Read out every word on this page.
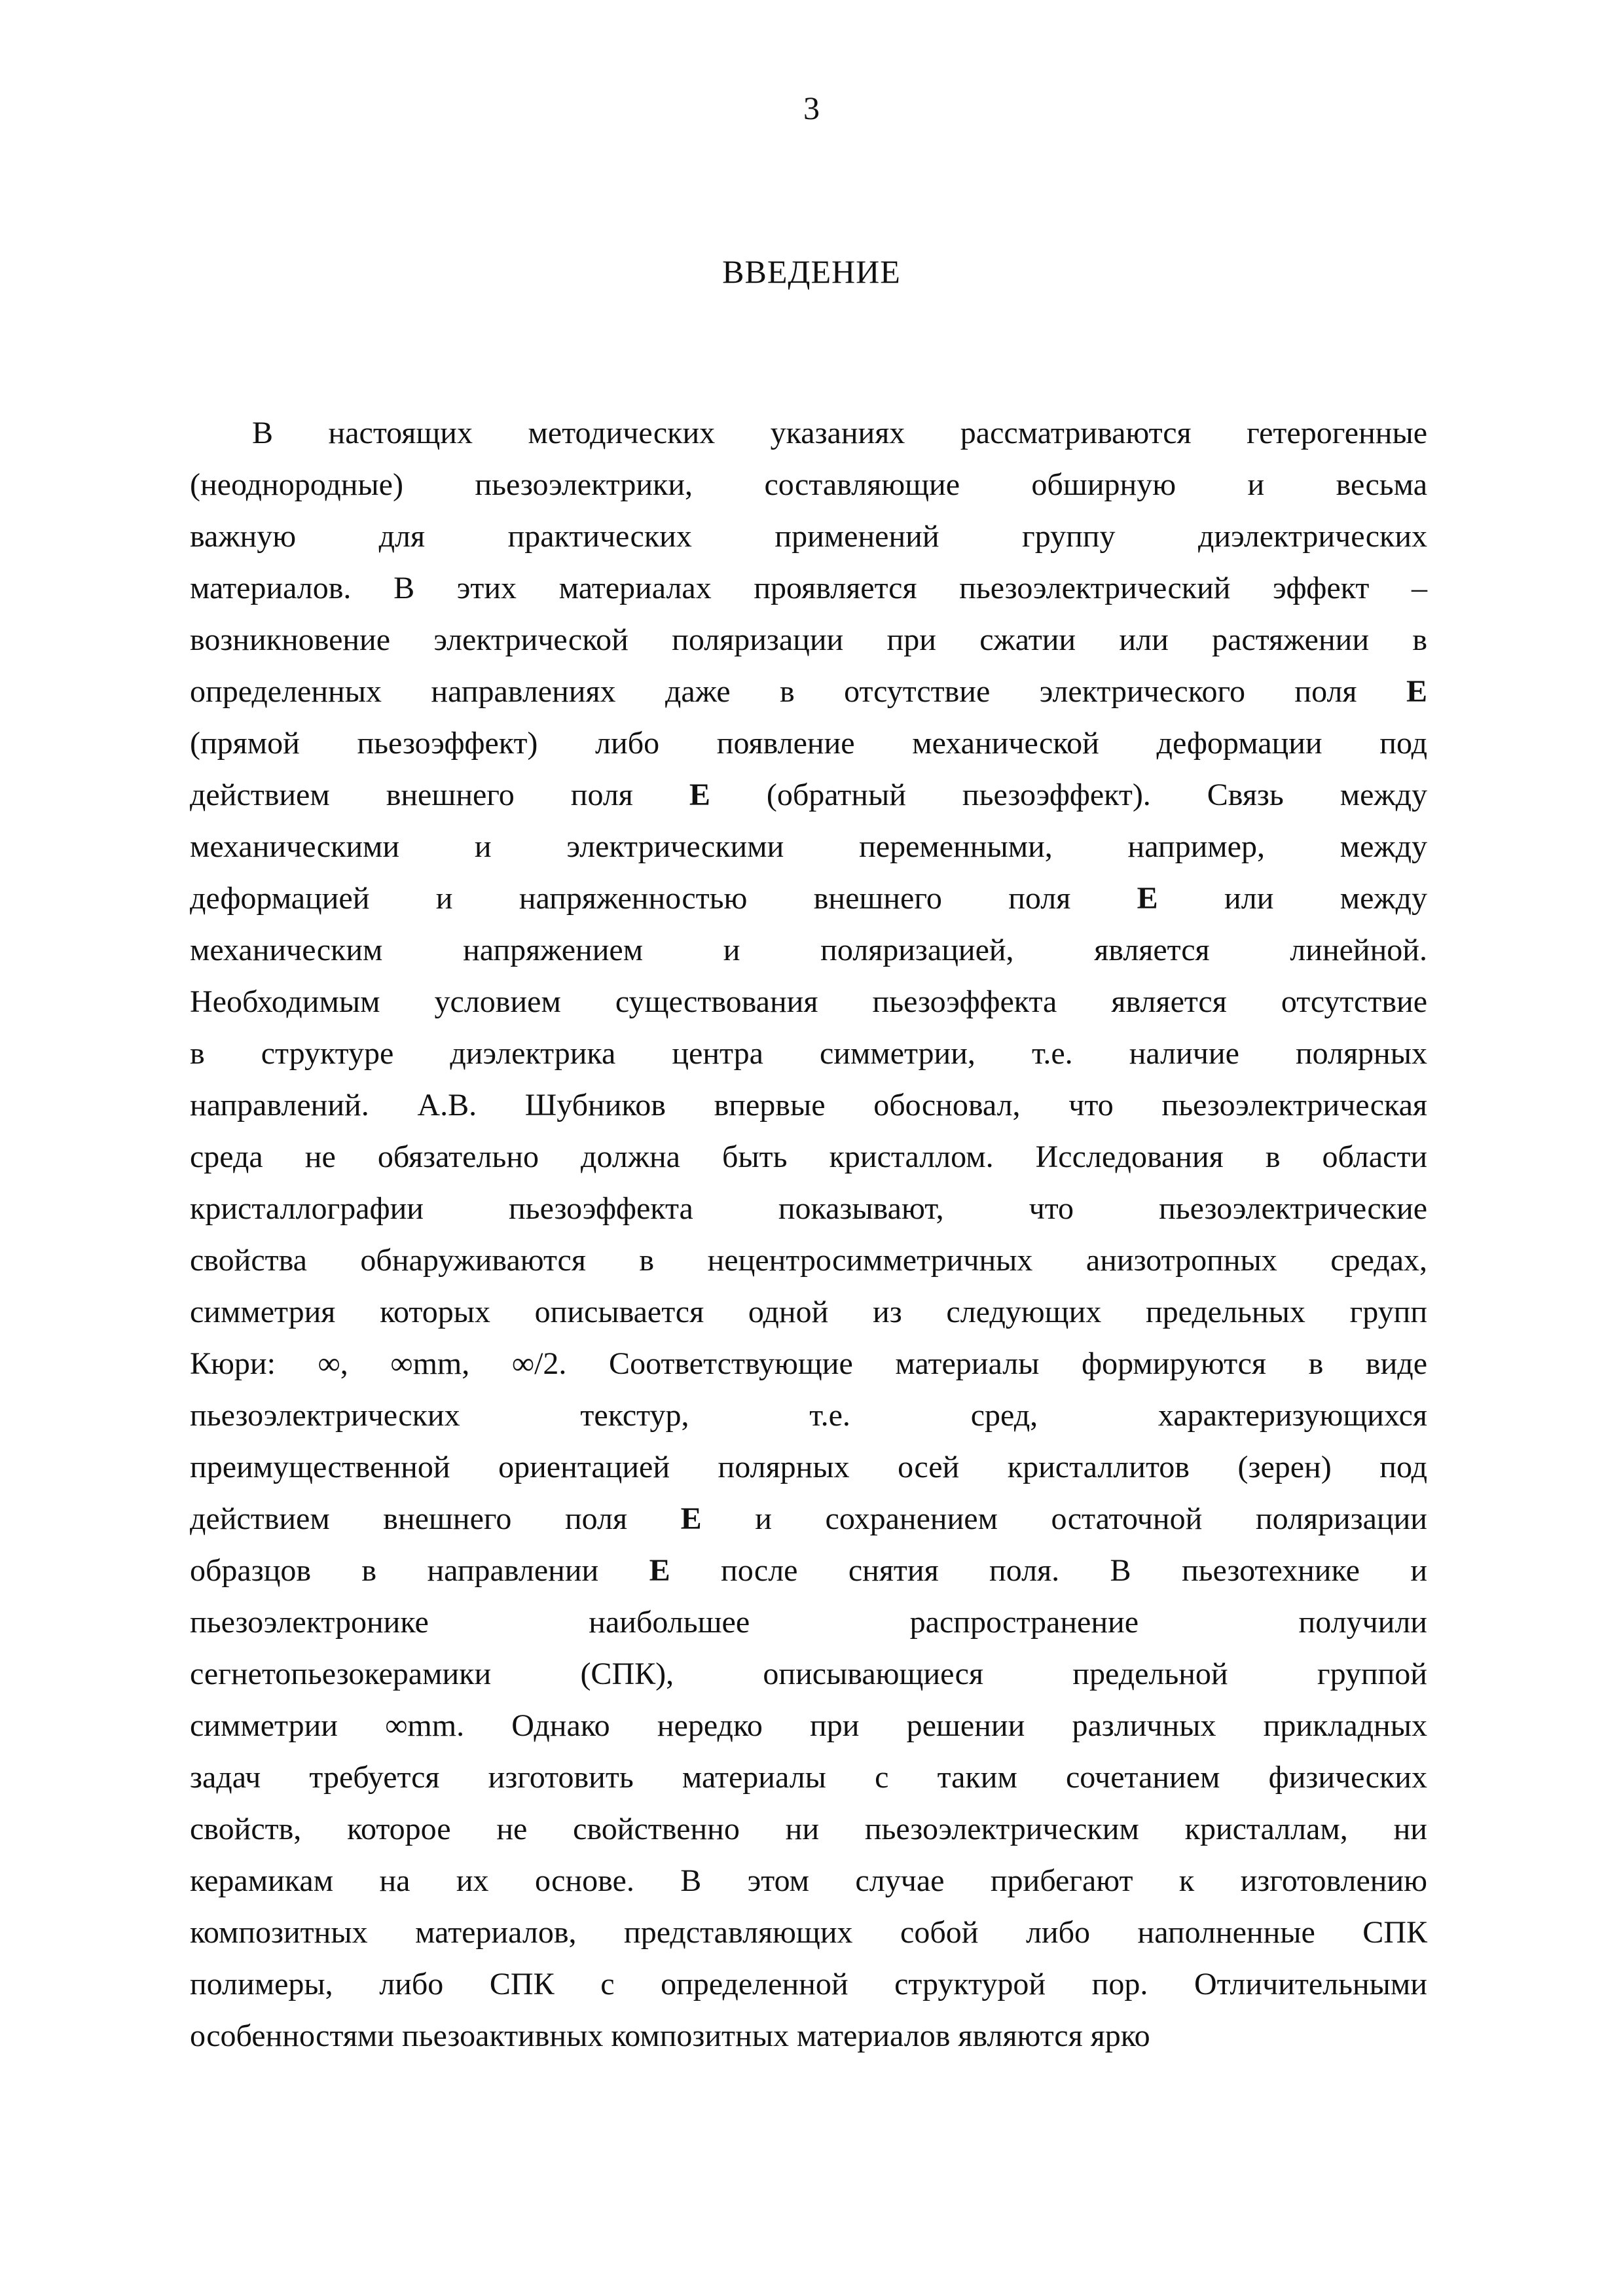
3
ВВЕДЕНИЕ
В настоящих методических указаниях рассматриваются гетерогенные
(неоднородные) пьезоэлектрики, составляющие обширную и весьма
важную для практических применений группу диэлектрических
материалов. В этих материалах проявляется пьезоэлектрический эффект –
возникновение электрической поляризации при сжатии или растяжении в
определенных направлениях даже в отсутствие электрического поля E
(прямой пьезоэффект) либо появление механической деформации под
действием внешнего поля E (обратный пьезоэффект). Связь между
механическими и электрическими переменными, например, между
деформацией и напряженностью внешнего поля E или между
механическим напряжением и поляризацией, является линейной.
Необходимым условием существования пьезоэффекта является отсутствие
в структуре диэлектрика центра симметрии, т.е. наличие полярных
направлений. А.В. Шубников впервые обосновал, что пьезоэлектрическая
среда не обязательно должна быть кристаллом. Исследования в области
кристаллографии пьезоэффекта показывают, что пьезоэлектрические
свойства обнаруживаются в нецентросимметричных анизотропных средах,
симметрия которых описывается одной из следующих предельных групп
Кюри: ∞, ∞mm, ∞/2. Соответствующие материалы формируются в виде
пьезоэлектрических текстур, т.е. сред, характеризующихся
преимущественной ориентацией полярных осей кристаллитов (зерен) под
действием внешнего поля E и сохранением остаточной поляризации
образцов в направлении E после снятия поля. В пьезотехнике и
пьезоэлектронике наибольшее распространение получили
сегнетопьезокерамики (СПК), описывающиеся предельной группой
симметрии ∞mm. Однако нередко при решении различных прикладных
задач требуется изготовить материалы с таким сочетанием физических
свойств, которое не свойственно ни пьезоэлектрическим кристаллам, ни
керамикам на их основе. В этом случае прибегают к изготовлению
композитных материалов, представляющих собой либо наполненные СПК
полимеры, либо СПК с определенной структурой пор. Отличительными
особенностями пьезоактивных композитных материалов являются ярко
